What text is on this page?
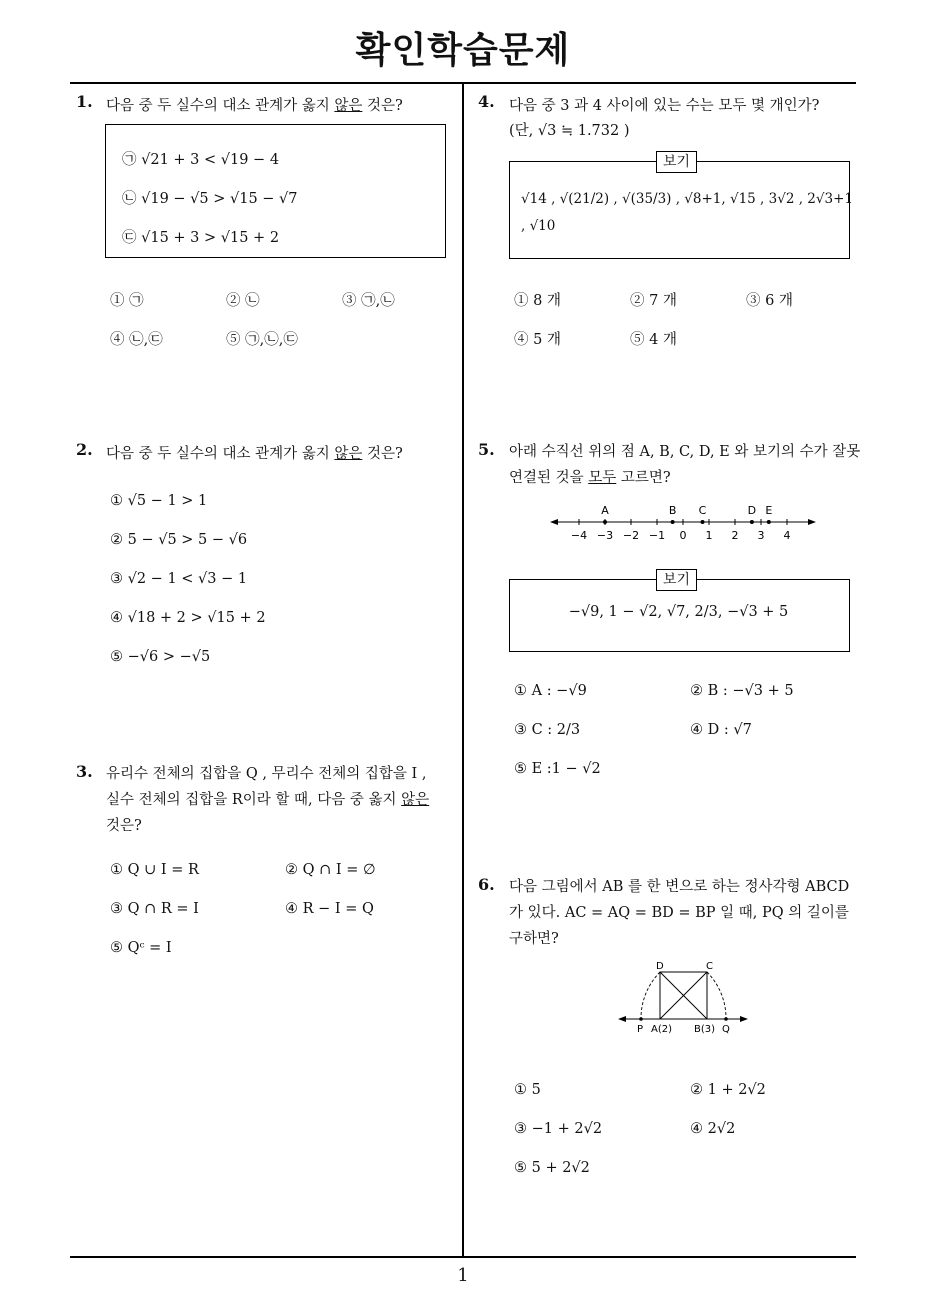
확인학습문제
1
1. 다음 중 두 실수의 대소 관계가 옳지 않은 것은?
㉠ √21 + 3 < √19 − 4
㉡ √19 − √5 > √15 − √7
㉢ √15 + 3 > √15 + 2
① ㉠	② ㉡	③ ㉠,㉡
④ ㉡,㉢	⑤ ㉠,㉡,㉢
2. 다음 중 두 실수의 대소 관계가 옳지 않은 것은?
① √5 − 1 > 1
② 5 − √5 > 5 − √6
③ √2 − 1 < √3 − 1
④ √18 + 2 > √15 + 2
⑤ −√6 > −√5
3. 유리수 전체의 집합을 Q , 무리수 전체의 집합을 I ,
실수 전체의 집합을 R이라 할 때, 다음 중 옳지 않은
것은?
① Q ∪ I = R	② Q ∩ I = ∅
③ Q ∩ R = I	④ R − I = Q
⑤ Qᶜ = I
4. 다음 중 3 과 4 사이에 있는 수는 모두 몇 개인가?
(단, √3 ≒ 1.732 )
보기
√14 , √(21/2) , √(35/3) , √8+1, √15 , 3√2 , 2√3+1
, √10
① 8 개	② 7 개	③ 6 개
④ 5 개	⑤ 4 개
5. 아래 수직선 위의 점 A, B, C, D, E 와 보기의 수가 잘못
연결된 것을 모두 고르면?
−4 −3 −2 −1 0 1 2 3 4
A	B C	D E
보기
−√9, 1 − √2, √7, 2/3, −√3 + 5
① A : −√9	② B : −√3 + 5
③ C : 2/3	④ D : √7
⑤ E :1 − √2
6. 다음 그림에서 AB 를 한 변으로 하는 정사각형 ABCD
가 있다. AC = AQ = BD = BP 일 때, PQ 의 길이를
구하면?
D	C
P A(2) B(3) Q
① 5	② 1 + 2√2
③ −1 + 2√2	④ 2√2
⑤ 5 + 2√2
